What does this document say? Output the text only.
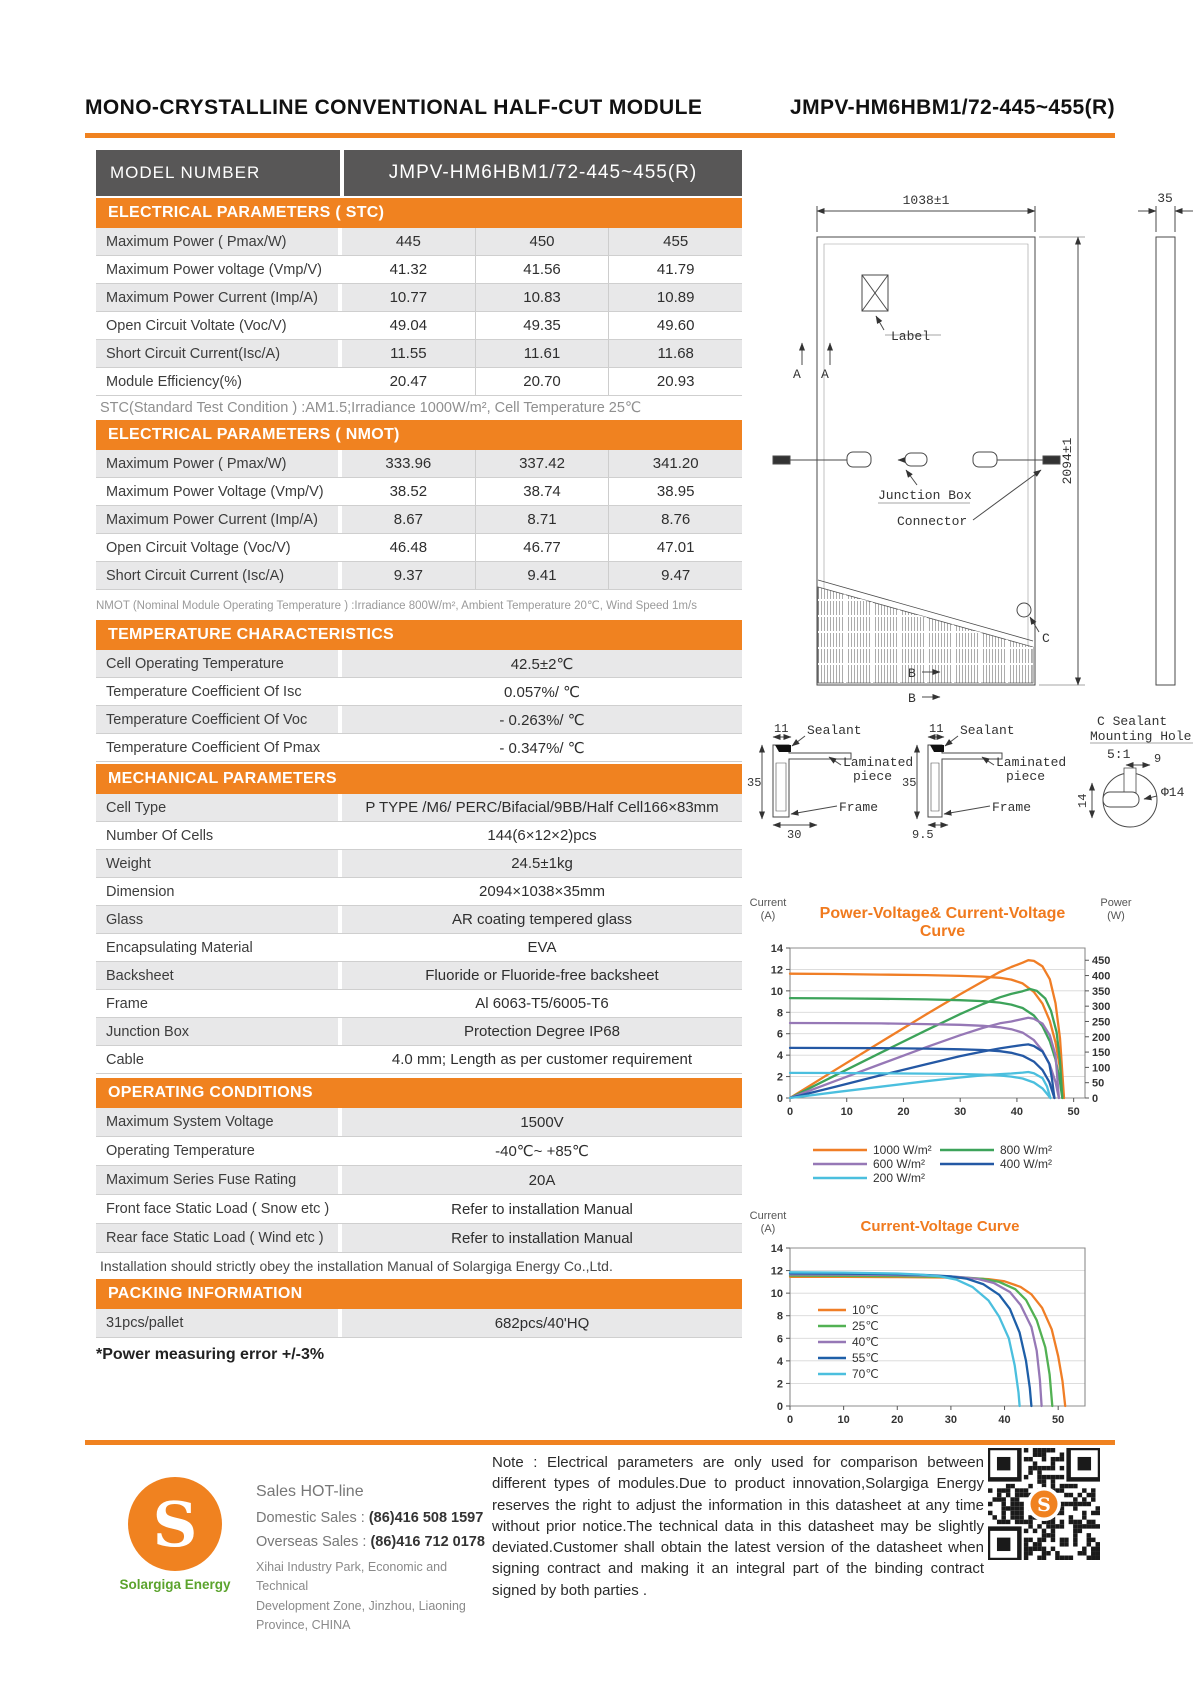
MONO-CRYSTALLINE CONVENTIONAL HALF-CUT MODULE	JMPV-HM6HBM1/72-445~455(R)
MODEL NUMBER	JMPV-HM6HBM1/72-445~455(R)
ELECTRICAL PARAMETERS ( STC)
Maximum Power ( Pmax/W)	445	450	455
Maximum Power voltage (Vmp/V)	41.32	41.56	41.79
Maximum Power Current (Imp/A)	10.77	10.83	10.89
Open Circuit Voltate (Voc/V)	49.04	49.35	49.60
Short Circuit Current(Isc/A)	11.55	11.61	11.68
Module Efficiency(%)	20.47	20.70	20.93
STC(Standard Test Condition ) :AM1.5;Irradiance 1000W/m², Cell Temperature 25℃
ELECTRICAL PARAMETERS ( NMOT)
Maximum Power ( Pmax/W)	333.96	337.42	341.20
Maximum Power Voltage (Vmp/V)	38.52	38.74	38.95
Maximum Power Current (Imp/A)	8.67	8.71	8.76
Open Circuit Voltage (Voc/V)	46.48	46.77	47.01
Short Circuit Current (Isc/A)	9.37	9.41	9.47
NMOT (Nominal Module Operating Temperature ) :Irradiance 800W/m², Ambient Temperature 20℃, Wind Speed 1m/s
TEMPERATURE CHARACTERISTICS
Cell Operating Temperature	42.5±2℃
Temperature Coefficient Of Isc	0.057%/ ℃
Temperature Coefficient Of Voc	- 0.263%/ ℃
Temperature Coefficient Of Pmax	- 0.347%/ ℃
MECHANICAL PARAMETERS
Cell Type	P TYPE /M6/ PERC/Bifacial/9BB/Half Cell166×83mm
Number Of Cells	144(6×12×2)pcs
Weight	24.5±1kg
Dimension	2094×1038×35mm
Glass	AR coating tempered glass
Encapsulating Material	EVA
Backsheet	Fluoride or Fluoride-free backsheet
Frame	Al 6063-T5/6005-T6
Junction Box	Protection Degree IP68
Cable	4.0 mm; Length as per customer requirement
OPERATING CONDITIONS
Maximum System Voltage	1500V
Operating Temperature	-40℃~ +85℃
Maximum Series Fuse Rating	20A
Front face Static Load ( Snow etc )	Refer to installation Manual
Rear face Static Load ( Wind etc )	Refer to installation Manual
Installation should strictly obey the installation Manual of Solargiga Energy Co.,Ltd.
PACKING INFORMATION
31pcs/pallet	682pcs/40'HQ
*Power measuring error +/-3%
1038±1	35
2094±1
Label
A A
Junction Box
Connector
C
B
B
11 Sealant
Laminated
piece
35
Frame
30
11 Sealant
Laminated
piece
35
Frame
9.5
C Sealant
Mounting Hole
5:1 9
Φ14
14
Current
(A)	Power-Voltage& Current-Voltage Curve
Power
(W)
0
2
4
6
8
10
12
14
0
50
100
150
200
250
300
350
400
450
0	10	20	30	40	50
1000 W/m²	800 W/m²
600 W/m²	400 W/m²
200 W/m²
Current
(A)	Current-Voltage Curve
0
2
4
6
8
10
12
14
0	10	20	30	40	50
10℃
25℃
40℃
55℃
70℃
S
Solargiga Energy
Sales HOT-line
Domestic Sales : (86)416 508 1597
Overseas Sales : (86)416 712 0178
Xihai Industry Park, Economic and Technical
Development Zone, Jinzhou, Liaoning
Province, CHINA
Note : Electrical parameters are only used for comparison between different types of modules.Due to product innovation,Solargiga Energy reserves the right to adjust the information in this datasheet at any time without prior notice.The technical data in this datasheet may be slightly deviated.Customer shall obtain the latest version of the datasheet when signing contract and making it an integral part of the binding contract signed by both parties .
S
